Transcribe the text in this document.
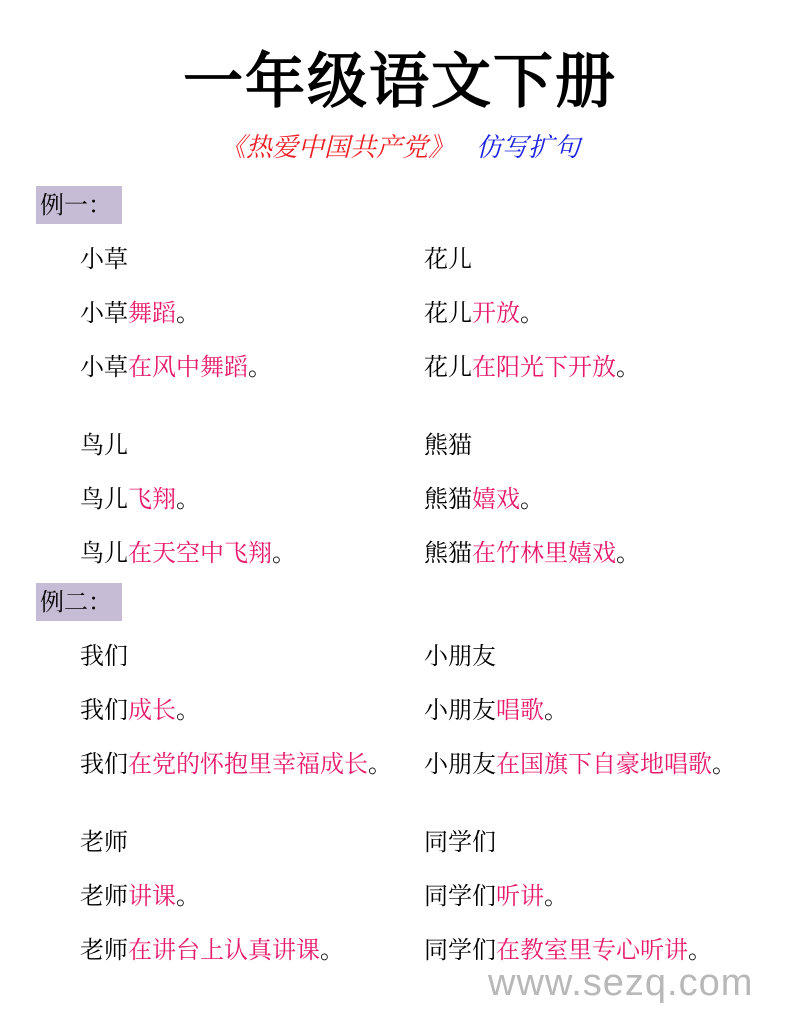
一年级语文下册
《热爱中国共产党》 仿写扩句
例一：
小草
小草舞蹈。
小草在风中舞蹈。
鸟儿
鸟儿飞翔。
鸟儿在天空中飞翔。
花儿
花儿开放。
花儿在阳光下开放。
熊猫
熊猫嬉戏。
熊猫在竹林里嬉戏。
例二：
我们
我们成长。
我们在党的怀抱里幸福成长。
老师
老师讲课。
老师在讲台上认真讲课。
小朋友
小朋友唱歌。
小朋友在国旗下自豪地唱歌。
同学们
同学们听讲。
同学们在教室里专心听讲。
www.sezq.com
